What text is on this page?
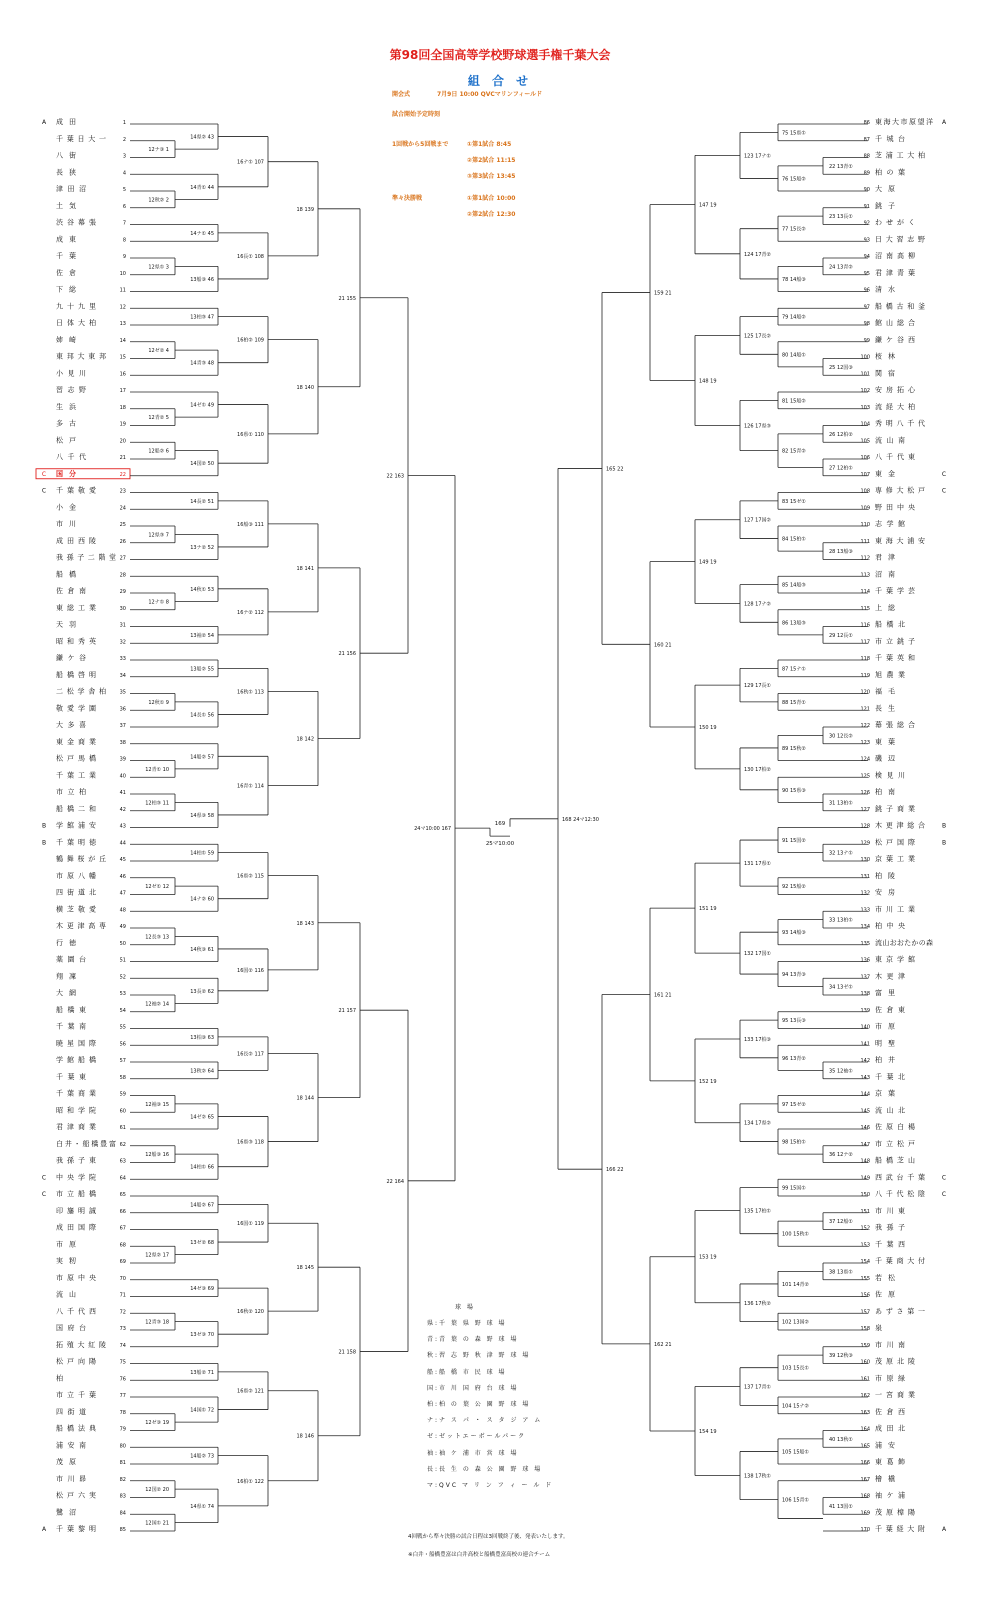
第98回全国高等学校野球選手権千葉大会
組 合 せ
開会式	7月9日 10:00 QVCマリンフィールド
試合開始予定時刻
1回戦から5回戦まで	①第1試合 8:45
②第2試合 11:15
③第3試合 13:45
準々決勝戦	①第1試合 10:00
②第2試合 12:30
球 場
県:千 葉 県 野 球 場
青:青 葉 の 森 野 球 場
秋:習 志 野 秋 津 野 球 場
船:船 橋 市 民 球 場
国:市 川 国 府 台 球 場
柏:柏 の 葉 公 園 野 球 場
ナ:ナ ス パ ・ ス タ ジ ア ム
ゼ:ゼットエーボールパーク
袖:袖 ケ 浦 市 営 球 場
長:長 生 の 森 公 園 野 球 場
マ:QVC マ リ ン フ ィ ー ル ド
4回戦から準々決勝の試合日程は3回戦終了後、発表いたします。
※白井・船橋豊富は白井高校と船橋豊富高校の連合チーム
A 成田	1
千葉日大一	2
八街	3
長狭	4
津田沼	5
土気	6
渋谷幕張	7
成東	8
千葉	9
佐倉	10
下総	11
九十九里	12
日体大柏	13
姉崎	14
東邦大東邦	15
小見川	16
習志野	17
生浜	18
多古	19
松戸	20
八千代	21
C 国分	22
C 千葉敬愛	23
小金	24
市川	25
成田西陵	26
我孫子二階堂 27
船橋	28
佐倉南	29
東総工業	30
天羽	31
昭和秀英	32
鎌ケ谷	33
船橋啓明	34
二松学舎柏	35
敬愛学園	36
大多喜	37
東金商業	38
松戸馬橋	39
千葉工業	40
市立柏	41
船橋二和	42
B 学館浦安	43
B 千葉明徳	44
鶴舞桜が丘	45
市原八幡	46
四街道北	47
横芝敬愛	48
木更津高専	49
行徳	50
薬園台	51
翔凜	52
大網	53
船橋東	54
千葉南	55
暁星国際	56
学館船橋	57
千葉東	58
千葉商業	59
昭和学院	60
君津商業	61
白井・船橋豊富 62
我孫子東	63
C 中央学院	64
C 市立船橋	65
印旛明誠	66
成田国際	67
市原	68
実籾	69
市原中央	70
流山	71
八千代西	72
国府台	73
拓殖大紅陵	74
松戸向陽	75
柏	76
市立千葉	77
四街道	78
船橋法典	79
浦安南	80
茂原	81
市川昴	82
松戸六実	83
鷺沼	84
A 千葉黎明	85
86 東海大市原望洋 A
87 千城台
88 芝浦工大柏
89 柏の葉
90 大原
91 銚子
92 わせがく
93 日大習志野
94 沼南高柳
95 君津青葉
96 清水
97 船橋古和釜
98 館山総合
99 鎌ケ谷西
100 桜林
101 関宿
102 安房拓心
103 流経大柏
104 秀明八千代
105 流山南
106 八千代東
107 東金	C
108 専修大松戸	C
109 野田中央
110 志学館
111 東海大浦安
112 君津
113 沼南
114 千葉学芸
115 上総
116 船橋北
117 市立銚子
118 千葉英和
119 旭農業
120 福毛
121 長生
122 幕張総合
123 東葉
124 磯辺
125 検見川
126 柏南
127 銚子商業
128 木更津総合	B
129 松戸国際	B
130 京葉工業
131 柏陵
132 安房
133 市川工業
134 柏中央
135 流山おおたかの森
136 東京学館
137 木更津
138 富里
139 佐倉東
140 市原
141 明聖
142 柏井
143 千葉北
144 京葉
145 流山北
146 佐原白楊
147 市立松戸
148 船橋芝山
149 西武台千葉	C
150 八千代松陰	C
151 市川東
152 我孫子
153 千葉西
154 千葉商大付
155 若松
156 佐原
157 あずさ第一
158 泉
159 市川南
160 茂原北陵
161 市原緑
162 一宮商業
163 佐倉西
164 成田北
165 浦安
166 東葛飾
167 檜槇
168 袖ケ浦
169 茂原樟陽
170 千葉経大附	A
12ナ③ 1
12秋② 2
12県① 3
12ゼ② 4
12青② 5
12船② 6
12県③ 7
12ナ① 8
12秋① 9
12青① 10
12柏③ 11
12ゼ① 12
12長③ 13
12袖② 14
12袖③ 15
12船③ 16
12県② 17
12青③ 18
12ゼ③ 19
12国② 20
12国① 21
14県② 43
14青① 44
14ナ① 45
13船③ 46
13柏③ 47
14青③ 48
14ゼ① 49
14国② 50
14長② 51
13ナ② 52
14秋① 53
13袖② 54
13船② 55
14長① 56
14船② 57
14県③ 58
14柏① 59
14ナ② 60
14秋③ 61
13長② 62
13柏③ 63
13秋② 64
14ゼ② 65
14柏① 66
14船② 67
13ゼ② 68
14ゼ③ 69
13ゼ③ 70
13船② 71
14国① 72
14船② 73
14県① 74
16ナ① 107
16長① 108
16柏② 109
16県① 110
16船③ 111
16ナ② 112
16秋① 113
16青① 114
16県② 115
16国② 116
16長② 117
16県③ 118
16国① 119
16秋② 120
16県② 121
16柏① 122
18 139
18 140
18 141
18 142
18 143
18 144
18 145
18 146
21 155
21 156
21 157
21 158
22 163
22 164
24マ10:00 167
22 13青①
23 13長①
24 13青②
25 12国③
26 12柏②
27 12柏①
28 13船③
29 12長①
30 12長②
31 13柏①
32 13ナ①
33 13柏①
34 13ゼ①
35 12袖①
36 12ナ②
37 12船①
38 13県①
39 12秋③
40 13秋①
41 13国①
75 15県①
76 15船②
77 15長②
78 14船③
79 14船②
80 14船①
81 15船②
82 15青②
83 15ゼ①
84 15柏①
85 14船③
86 13船③
87 15ナ①
88 15青①
89 15秋②
90 15県③
91 15国②
92 15船②
93 14船③
94 13青③
95 13長③
96 13青②
97 15ゼ②
98 15柏①
99 15国①
100 15秋①
101 14青②
102 13国②
103 15長①
104 15ナ②
105 15船①
106 15青①
123 17ナ①
124 17青②
125 17長②
126 17県③
127 17国②
128 17ナ②
129 17長①
130 17柏②
131 17県①
132 17国①
133 17柏③
134 17県②
135 17柏①
136 17秋②
137 17青①
138 17秋①
147 19
148 19
149 19
150 19
151 19
152 19
153 19
154 19
159 21
160 21
161 21
162 21
165 22
166 22
168 24マ12:30
169
25マ10:00
